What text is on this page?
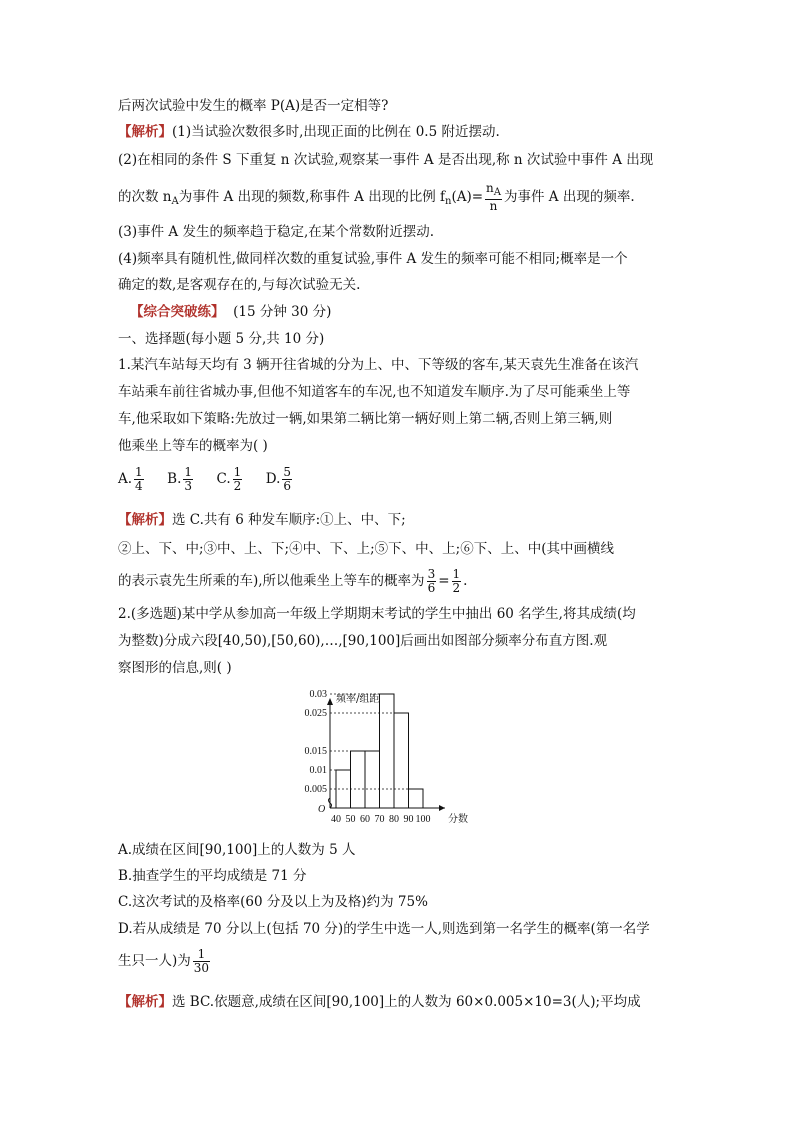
后两次试验中发生的概率 P(A)是否一定相等?
【解析】(1)当试验次数很多时,出现正面的比例在 0.5 附近摆动.
(2)在相同的条件 S 下重复 n 次试验,观察某一事件 A 是否出现,称 n 次试验中事件 A 出现
的次数 $n_A$为事件 A 出现的频数,称事件 A 出现的比例 $f_n(A)= \frac{n_A}{n}$ 为事件 A 出现的频率.
(3)事件 A 发生的频率趋于稳定,在某个常数附近摆动.
(4)频率具有随机性,做同样次数的重复试验,事件 A 发生的频率可能不相同;概率是一个
确定的数,是客观存在的,与每次试验无关.
【综合突破练】 (15 分钟 30 分)
一、选择题(每小题 5 分,共 10 分)
1.某汽车站每天均有 3 辆开往省城的分为上、中、下等级的客车,某天袁先生准备在该汽
车站乘车前往省城办事,但他不知道客车的车况,也不知道发车顺序.为了尽可能乘坐上等
车,他采取如下策略:先放过一辆,如果第二辆比第一辆好则上第二辆,否则上第三辆,则
他乘坐上等车的概率为( )
A. $\frac{1}{4} B$. $\frac{1}{3} C$. $\frac{1}{2} D$. $\frac{5}{6}$
【解析】选 C.共有 6 种发车顺序:①上、中、下;
②上、下、中;③中、上、下;④中、下、上;⑤下、中、上;⑥下、上、中(其中画横线
的表示袁先生所乘的车),所以他乘坐上等车的概率为 $\frac{3}{6} = \frac{1}{2}$ .
2.(多选题)某中学从参加高一年级上学期期末考试的学生中抽出 60 名学生,将其成绩(均
为整数)分成六段[40,50),[50,60),…,[90,100]后画出如图部分频率分布直方图.观
察图形的信息,则( )
频率/组距
分数
O
0.005
0.01
0.015
0.025
0.03
40 50 60 70 80 90 100
A.成绩在区间[90,100]上的人数为 5 人
B.抽查学生的平均成绩是 71 分
C.这次考试的及格率(60 分及以上为及格)约为 75%
D.若从成绩是 70 分以上(包括 70 分)的学生中选一人,则选到第一名学生的概率(第一名学
生只一人)为 $\frac{1}{30}$
【解析】选 BC.依题意,成绩在区间[90,100]上的人数为 60×0.005×10=3(人);平均成
